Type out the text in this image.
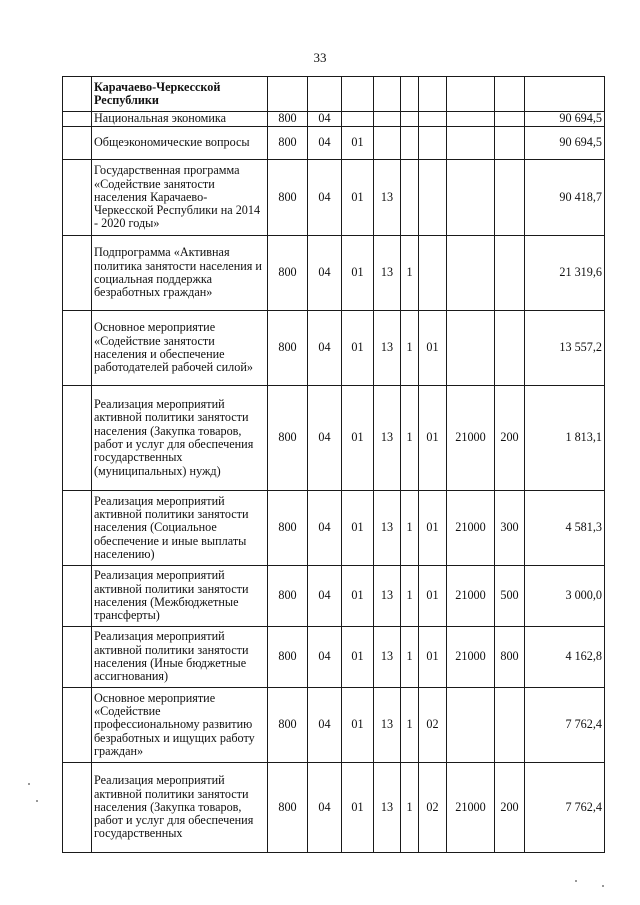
33
	Карачаево-Черкесской Республики									
	Национальная экономика	800	04							90 694,5
	Общеэкономические вопросы	800	04	01						90 694,5
	Государственная программа «Содействие занятости населения Карачаево-Черкесской Республики на 2014 - 2020 годы»	800	04	01	13					90 418,7
	Подпрограмма «Активная политика занятости населения и социальная поддержка безработных граждан»	800	04	01	13	1				21 319,6
	Основное мероприятие «Содействие занятости населения и обеспечение работодателей рабочей силой»	800	04	01	13	1	01			13 557,2
	Реализация мероприятий активной политики занятости населения (Закупка товаров, работ и услуг для обеспечения государственных (муниципальных) нужд)	800	04	01	13	1	01	21000	200	1 813,1
	Реализация мероприятий активной политики занятости населения (Социальное обеспечение и иные выплаты населению)	800	04	01	13	1	01	21000	300	4 581,3
	Реализация мероприятий активной политики занятости населения (Межбюджетные трансферты)	800	04	01	13	1	01	21000	500	3 000,0
	Реализация мероприятий активной политики занятости населения (Иные бюджетные ассигнования)	800	04	01	13	1	01	21000	800	4 162,8
	Основное мероприятие «Содействие профессиональному развитию безработных и ищущих работу граждан»	800	04	01	13	1	02			7 762,4
	Реализация мероприятий активной политики занятости населения (Закупка товаров, работ и услуг для обеспечения государственных	800	04	01	13	1	02	21000	200	7 762,4
